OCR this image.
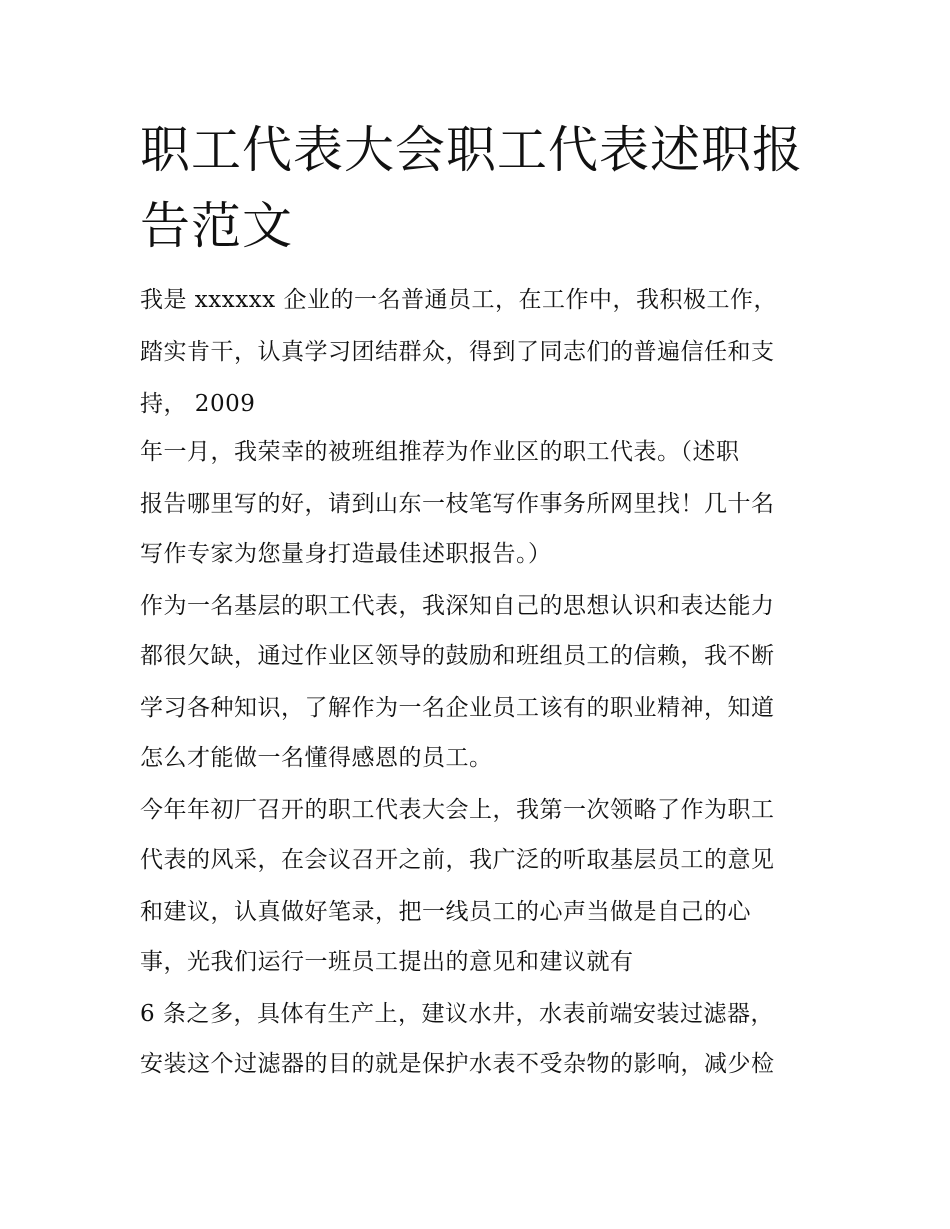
职工代表大会职工代表述职报
告范文

我是 xxxxxx 企业的一名普通员工，在工作中，我积极工作，

踏实肯干，认真学习团结群众，得到了同志们的普遍信任和支

持， 2009

年一月，我荣幸的被班组推荐为作业区的职工代表。（述职

报告哪里写的好，请到山东一枝笔写作事务所网里找！几十名

写作专家为您量身打造最佳述职报告。）

作为一名基层的职工代表，我深知自己的思想认识和表达能力

都很欠缺，通过作业区领导的鼓励和班组员工的信赖，我不断

学习各种知识，了解作为一名企业员工该有的职业精神，知道

怎么才能做一名懂得感恩的员工。

今年年初厂召开的职工代表大会上，我第一次领略了作为职工

代表的风采，在会议召开之前，我广泛的听取基层员工的意见

和建议，认真做好笔录，把一线员工的心声当做是自己的心

事，光我们运行一班员工提出的意见和建议就有

6 条之多，具体有生产上，建议水井，水表前端安装过滤器，

安装这个过滤器的目的就是保护水表不受杂物的影响，减少检
